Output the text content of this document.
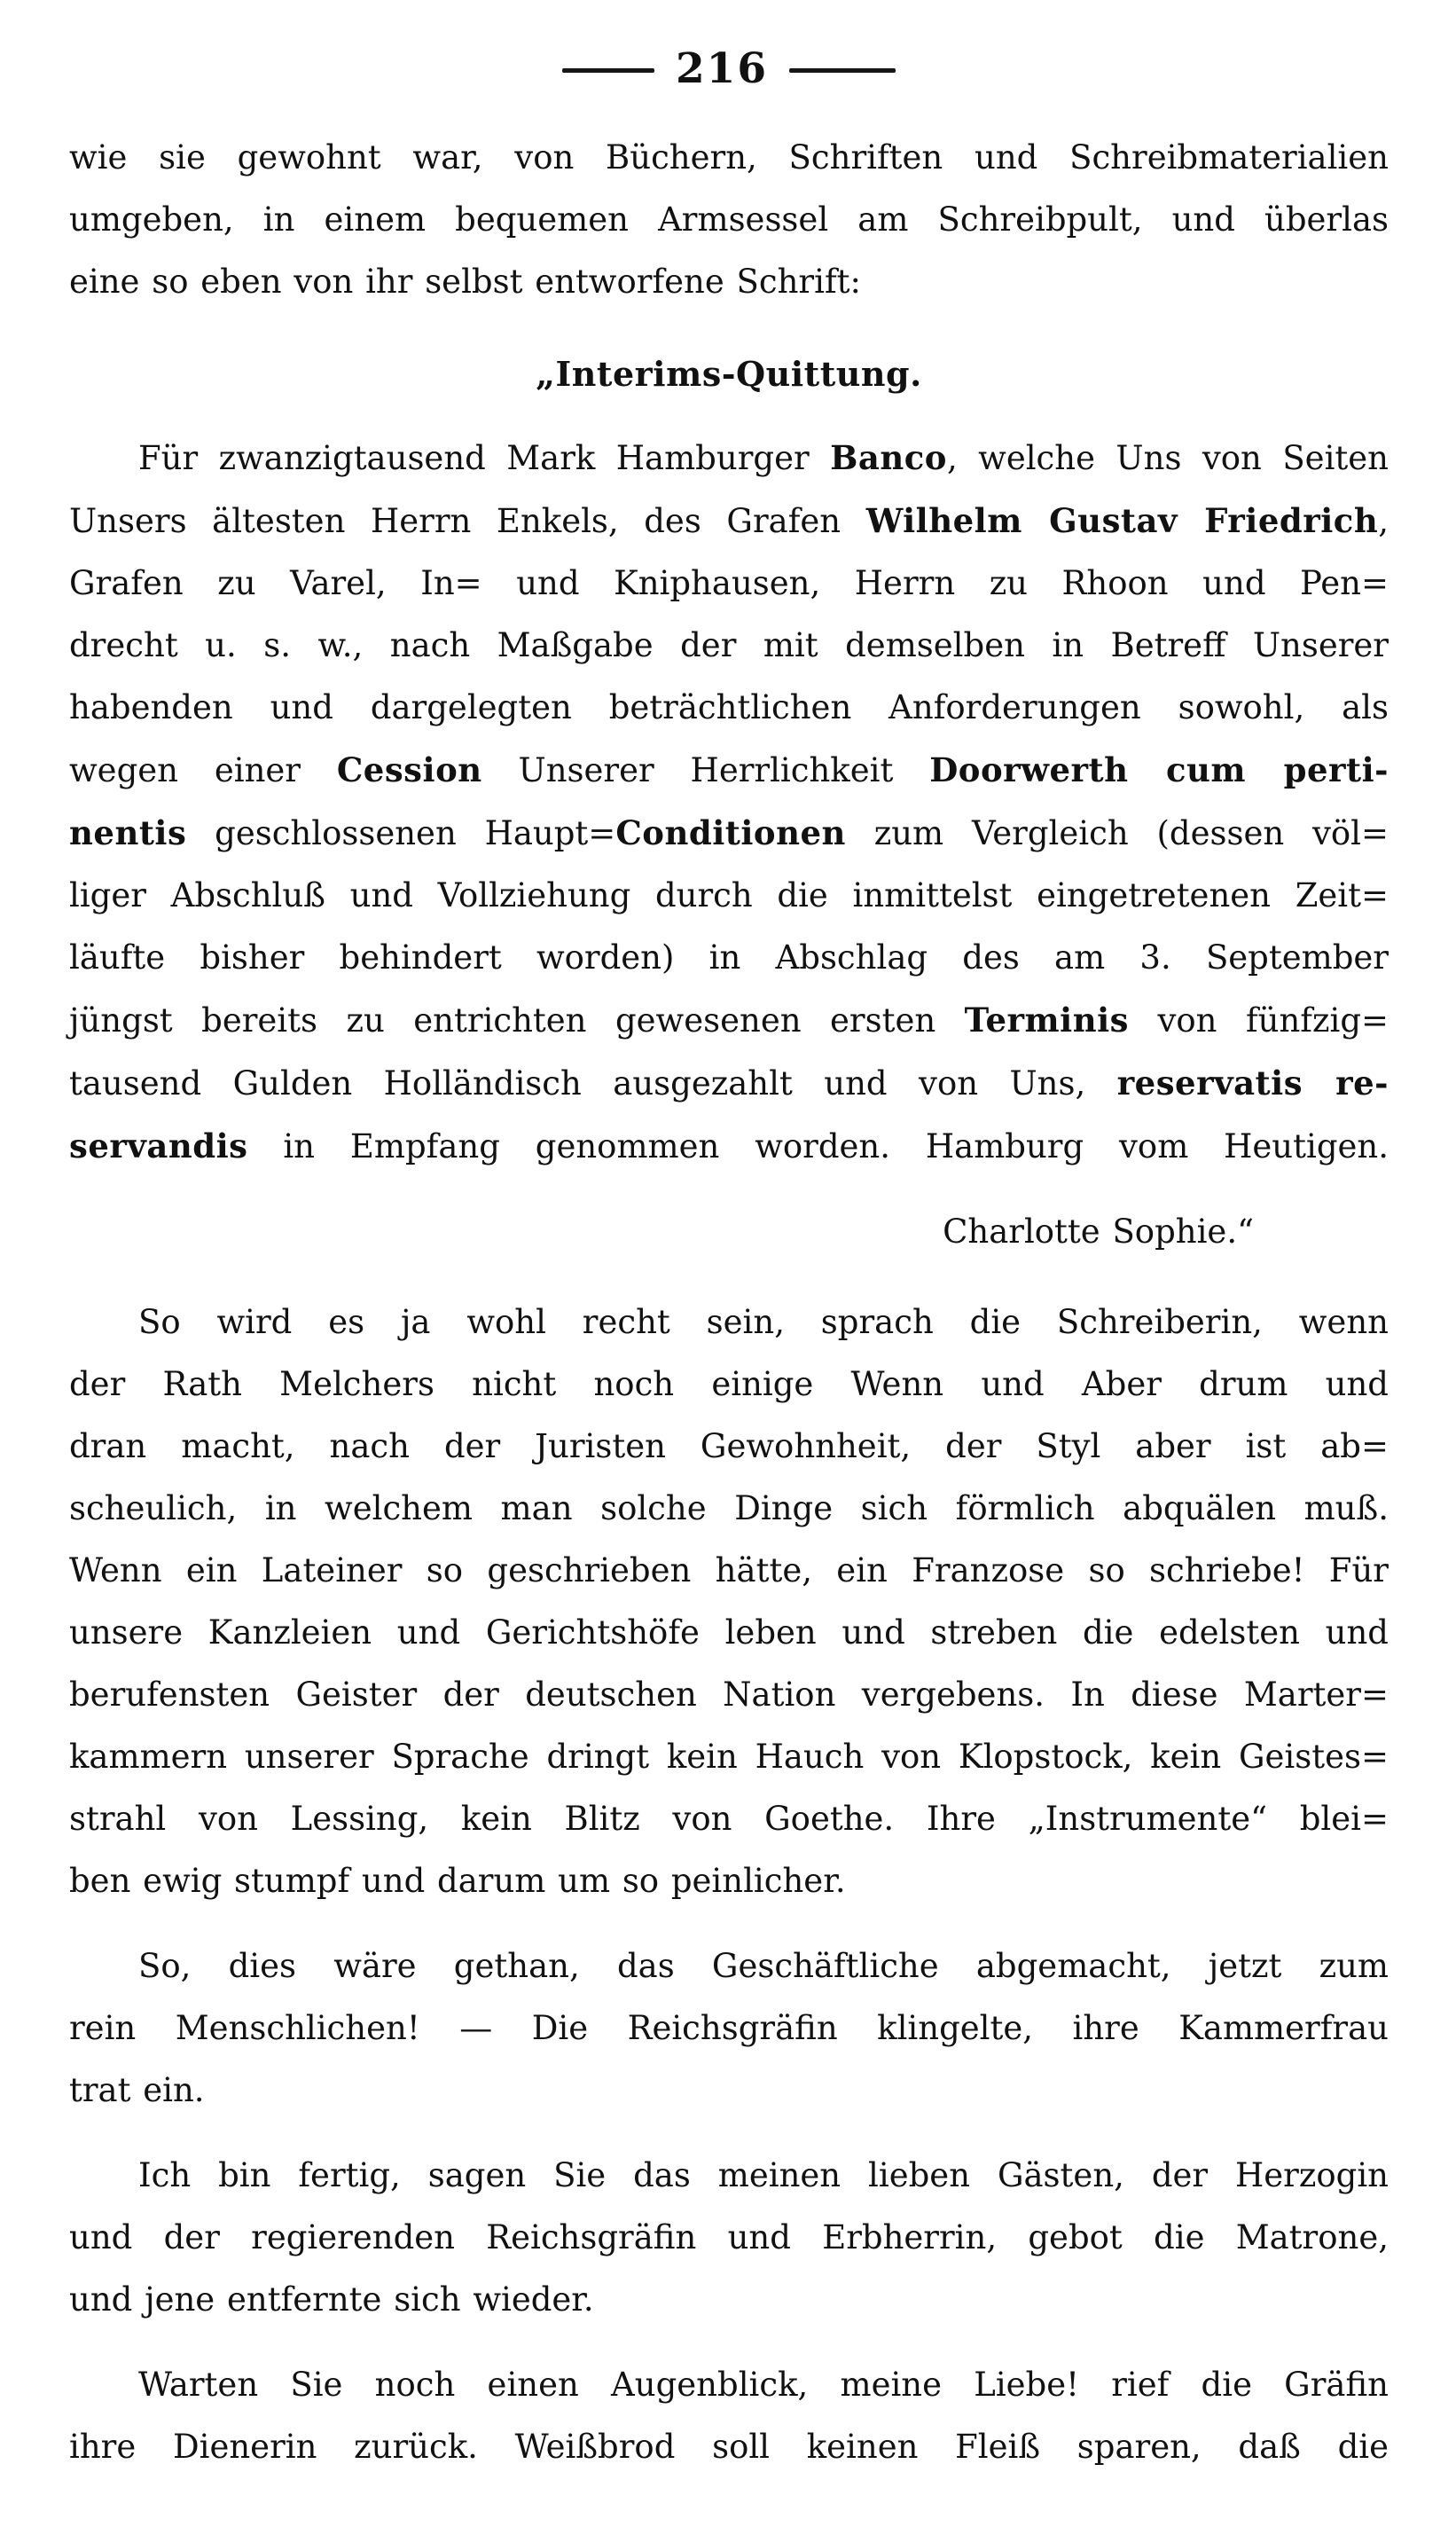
216
wie sie gewohnt war, von Büchern, Schriften und Schreibmaterialien
umgeben, in einem bequemen Armsessel am Schreibpult, und überlas
eine so eben von ihr selbst entworfene Schrift:
„Interims-Quittung.
Für zwanzigtausend Mark Hamburger Banco, welche Uns von Seiten
Unsers ältesten Herrn Enkels, des Grafen Wilhelm Gustav Friedrich,
Grafen zu Varel, In= und Kniphausen, Herrn zu Rhoon und Pen=
drecht u. s. w., nach Maßgabe der mit demselben in Betreff Unserer
habenden und dargelegten beträchtlichen Anforderungen sowohl, als
wegen einer Cession Unserer Herrlichkeit Doorwerth cum perti-
nentis geschlossenen Haupt=Conditionen zum Vergleich (dessen völ=
liger Abschluß und Vollziehung durch die inmittelst eingetretenen Zeit=
läufte bisher behindert worden) in Abschlag des am 3. September
jüngst bereits zu entrichten gewesenen ersten Terminis von fünfzig=
tausend Gulden Holländisch ausgezahlt und von Uns, reservatis re-
servandis in Empfang genommen worden. Hamburg vom Heutigen.
Charlotte Sophie.“
So wird es ja wohl recht sein, sprach die Schreiberin, wenn
der Rath Melchers nicht noch einige Wenn und Aber drum und
dran macht, nach der Juristen Gewohnheit, der Styl aber ist ab=
scheulich, in welchem man solche Dinge sich förmlich abquälen muß.
Wenn ein Lateiner so geschrieben hätte, ein Franzose so schriebe! Für
unsere Kanzleien und Gerichtshöfe leben und streben die edelsten und
berufensten Geister der deutschen Nation vergebens. In diese Marter=
kammern unserer Sprache dringt kein Hauch von Klopstock, kein Geistes=
strahl von Lessing, kein Blitz von Goethe. Ihre „Instrumente“ blei=
ben ewig stumpf und darum um so peinlicher.
So, dies wäre gethan, das Geschäftliche abgemacht, jetzt zum
rein Menschlichen! — Die Reichsgräfin klingelte, ihre Kammerfrau
trat ein.
Ich bin fertig, sagen Sie das meinen lieben Gästen, der Herzogin
und der regierenden Reichsgräfin und Erbherrin, gebot die Matrone,
und jene entfernte sich wieder.
Warten Sie noch einen Augenblick, meine Liebe! rief die Gräfin
ihre Dienerin zurück. Weißbrod soll keinen Fleiß sparen, daß die
